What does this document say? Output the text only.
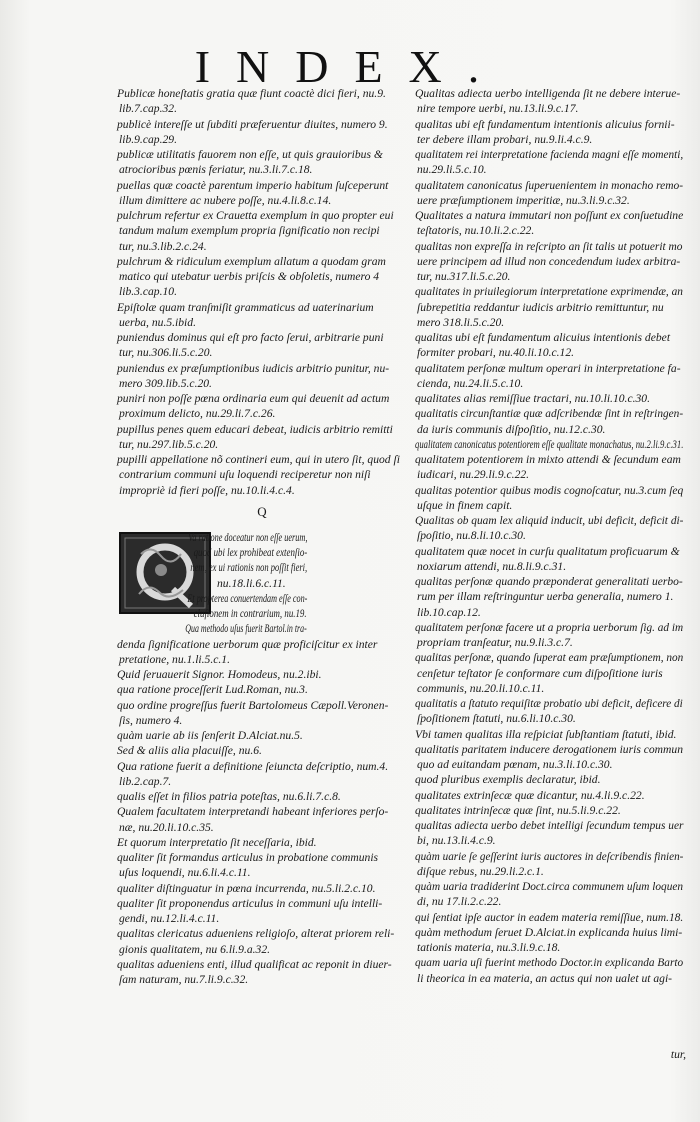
INDEX.
Publicæ honeſtatis gratia quæ fiunt coactè dici fieri, nu.9.
lib.7.cap.32.
publicè intereſſe ut ſubditi præferuentur diuites, numero 9.
lib.9.cap.29.
publicæ utilitatis fauorem non eſſe, ut quis grauioribus &
atrocioribus pœnis feriatur, nu.3.li.7.c.18.
puellas quæ coactè parentum imperio habitum ſuſceperunt
illum dimittere ac nubere poſſe, nu.4.li.8.c.14.
pulchrum refertur ex Crauetta exemplum in quo propter eui
tandum malum exemplum propria ſignificatio non recipi
tur, nu.3.lib.2.c.24.
pulchrum & ridiculum exemplum allatum a quodam gram
matico qui utebatur uerbis priſcis & obſoletis, numero 4
lib.3.cap.10.
Epiſtolæ quam tranſmiſit grammaticus ad uaterinarium
uerba, nu.5.ibid.
puniendus dominus qui eſt pro facto ſerui, arbitrarie puni
tur, nu.306.li.5.c.20.
puniendus ex præſumptionibus iudicis arbitrio punitur, nu-
mero 309.lib.5.c.20.
puniri non poſſe pœna ordinaria eum qui deuenit ad actum
proximum delicto, nu.29.li.7.c.26.
pupillus penes quem educari debeat, iudicis arbitrio remitti
tur, nu.297.lib.5.c.20.
pupilli appellatione nõ contineri eum, qui in utero ſit, quod ſi
contrarium communi uſu loquendi reciperetur non niſi
impropriè id fieri poſſe, nu.10.li.4.c.4.
Q
Va ratione doceatur non eſſe uerum,
quod ubi lex prohibeat extenſio-
nem, ex ui rationis non poſſit fieri,
nu.18.li.6.c.11.
Et propterea conuertendam eſſe con-
cluſionem in contrarium, nu.19.
Qua methodo uſus fuerit Bartol.in tra-
denda ſignificatione uerborum quæ proficiſcitur ex inter
pretatione, nu.1.li.5.c.1.
Quid ſeruauerit Signor. Homodeus, nu.2.ibi.
qua ratione proceſſerit Lud.Roman, nu.3.
quo ordine progreſſus fuerit Bartolomeus Cæpoll.Veronen-
ſis, numero 4.
quàm uarie ab iis ſenſerit D.Alciat.nu.5.
Sed & aliis alia placuiſſe, nu.6.
Qua ratione fuerit a definitione ſeiuncta deſcriptio, num.4.
lib.2.cap.7.
qualis eſſet in filios patria poteſtas, nu.6.li.7.c.8.
Qualem facultatem interpretandi habeant inferiores perſo-
næ, nu.20.li.10.c.35.
Et quorum interpretatio ſit neceſſaria, ibid.
qualiter ſit formandus articulus in probatione communis
uſus loquendi, nu.6.li.4.c.11.
qualiter diſtinguatur in pœna incurrenda, nu.5.li.2.c.10.
qualiter ſit proponendus articulus in communi uſu intelli-
gendi, nu.12.li.4.c.11.
qualitas clericatus adueniens religioſo, alterat priorem reli-
gionis qualitatem, nu 6.li.9.a.32.
qualitas adueniens enti, illud qualificat ac reponit in diuer-
ſam naturam, nu.7.li.9.c.32.
Qualitas adiecta uerbo intelligenda ſit ne debere interue-
nire tempore uerbi, nu.13.li.9.c.17.
qualitas ubi eſt fundamentum intentionis alicuius fornii-
ter debere illam probari, nu.9.li.4.c.9.
qualitatem rei interpretatione facienda magni eſſe momenti,
nu.29.li.5.c.10.
qualitatem canonicatus ſuperuenientem in monacho remo-
uere præſumptionem imperitiæ, nu.3.li.9.c.32.
Qualitates a natura immutari non poſſunt ex conſuetudine
teſtatoris, nu.10.li.2.c.22.
qualitas non expreſſa in reſcripto an ſit talis ut potuerit mo
uere principem ad illud non concedendum iudex arbitra-
tur, nu.317.li.5.c.20.
qualitates in priuilegiorum interpretatione exprimendæ, an
ſubrepetitia reddantur iudicis arbitrio remittuntur, nu
mero 318.li.5.c.20.
qualitas ubi eſt fundamentum alicuius intentionis debet
formiter probari, nu.40.li.10.c.12.
qualitatem perſonæ multum operari in interpretatione fa-
cienda, nu.24.li.5.c.10.
qualitates alias remiſſiue tractari, nu.10.li.10.c.30.
qualitatis circunſtantiæ quæ adſcribendæ ſint in reſtringen-
da iuris communis diſpoſitio, nu.12.c.30.
qualitatem canonicatus potentiorem eſſe qualitate monachatus, nu.2.li.9.c.31.
qualitatem potentiorem in mixto attendi & ſecundum eam
iudicari, nu.29.li.9.c.22.
qualitas potentior quibus modis cognoſcatur, nu.3.cum ſeq
uſque in finem capit.
Qualitas ob quam lex aliquid inducit, ubi deficit, deficit di-
ſpoſitio, nu.8.li.10.c.30.
qualitatem quæ nocet in curſu qualitatum proficuarum &
noxiarum attendi, nu.8.li.9.c.31.
qualitas perſonæ quando præponderat generalitati uerbo-
rum per illam reſtringuntur uerba generalia, numero 1.
lib.10.cap.12.
qualitatem perſonæ facere ut a propria uerborum ſig. ad im
propriam tranſeatur, nu.9.li.3.c.7.
qualitas perſonæ, quando ſuperat eam præſumptionem, non
cenſetur teſtator ſe conformare cum diſpoſitione iuris
communis, nu.20.li.10.c.11.
qualitatis a ſtatuto requiſitæ probatio ubi deficit, deficere di
ſpoſitionem ſtatuti, nu.6.li.10.c.30.
Vbi tamen qualitas illa reſpiciat ſubſtantiam ſtatuti, ibid.
qualitatis paritatem inducere derogationem iuris commun
quo ad euitandam pœnam, nu.3.li.10.c.30.
quod pluribus exemplis declaratur, ibid.
qualitates extrinſecæ quæ dicantur, nu.4.li.9.c.22.
qualitates intrinſecæ quæ ſint, nu.5.li.9.c.22.
qualitas adiecta uerbo debet intelligi ſecundum tempus uer
bi, nu.13.li.4.c.9.
quàm uarie ſe geſſerint iuris auctores in deſcribendis finien-
diſque rebus, nu.29.li.2.c.1.
quàm uaria tradiderint Doct.circa communem uſum loquen
di, nu 17.li.2.c.22.
qui ſentiat ipſe auctor in eadem materia remiſſiue, num.18.
quàm methodum ſeruet D.Alciat.in explicanda huius limi-
tationis materia, nu.3.li.9.c.18.
quam uaria uſi fuerint methodo Doctor.in explicanda Barto
li theorica in ea materia, an actus qui non ualet ut agi-
tur,
